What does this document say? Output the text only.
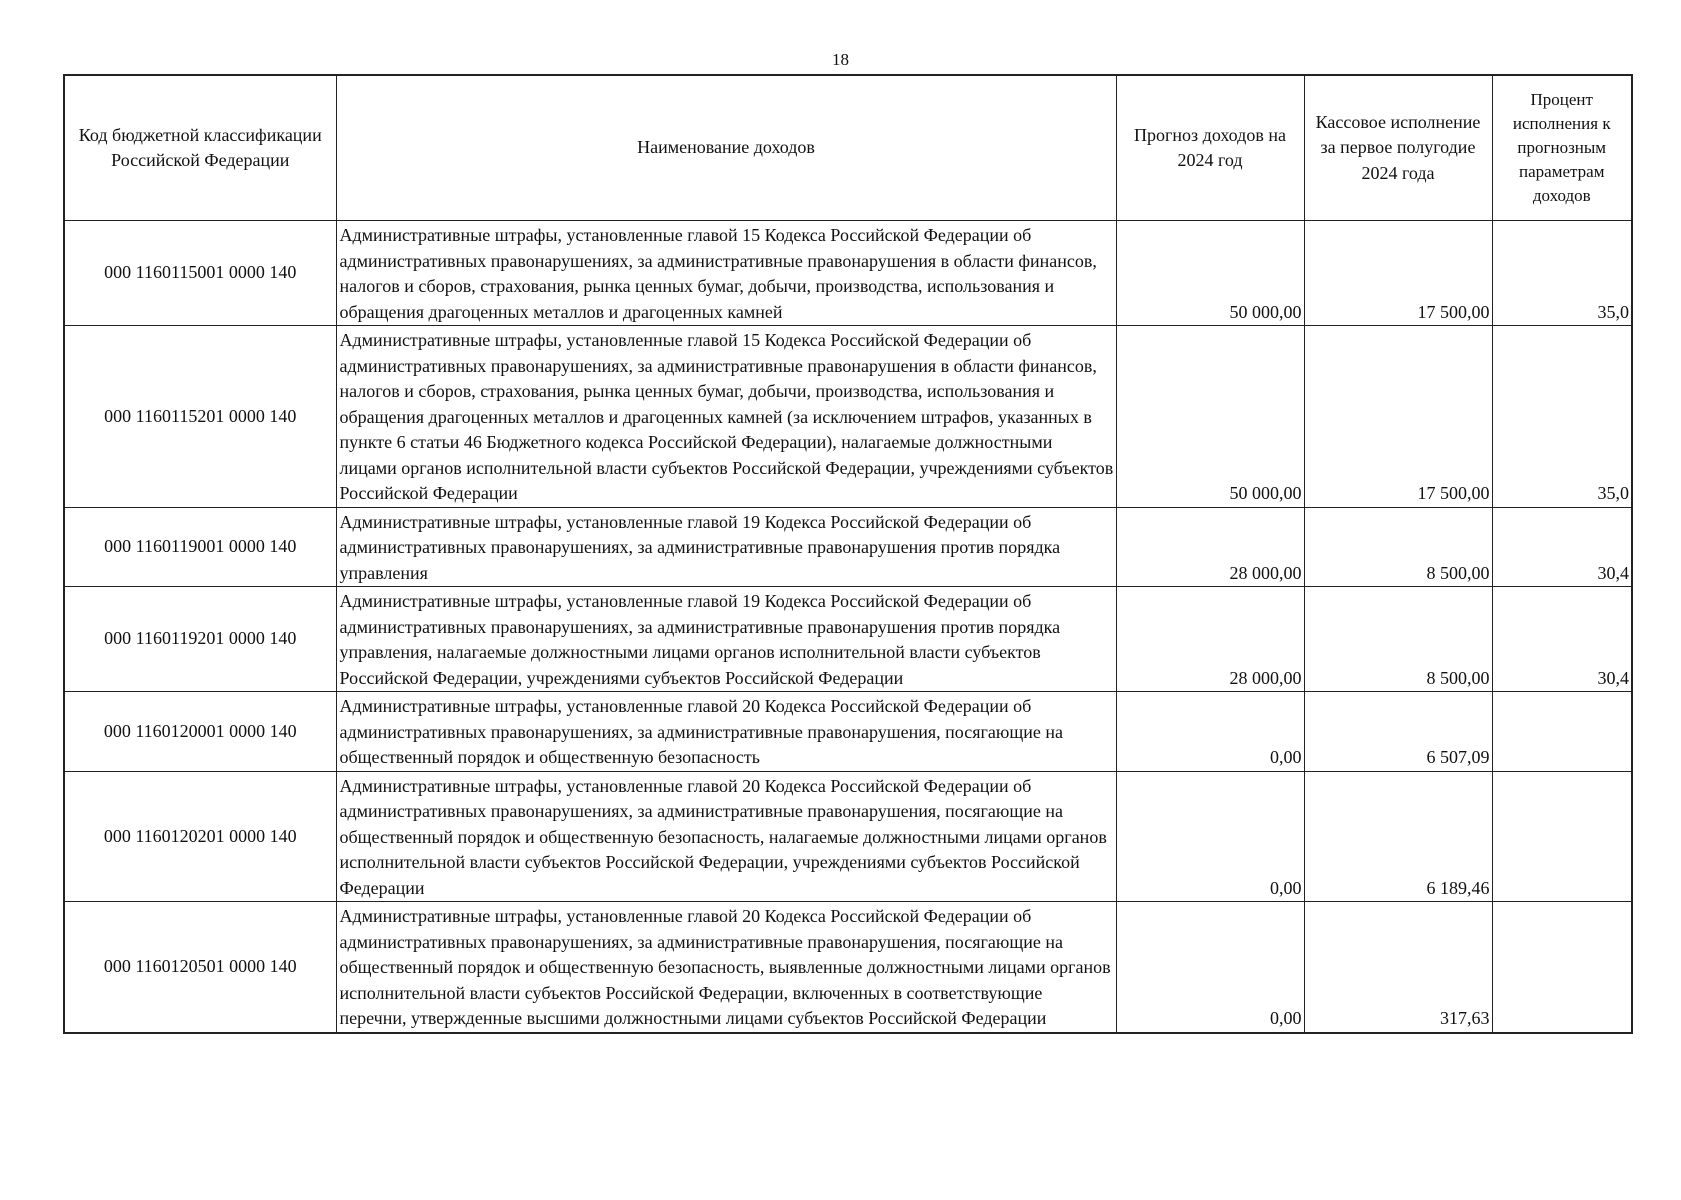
18
Код бюджетной классификации Российской Федерации	Наименование доходов	Прогноз доходов на 2024 год	Кассовое исполнение за первое полугодие 2024 года	Процент исполнения к прогнозным параметрам доходов
000 1160115001 0000 140	Административные штрафы, установленные главой 15 Кодекса Российской Федерации об административных правонарушениях, за административные правонарушения в области финансов, налогов и сборов, страхования, рынка ценных бумаг, добычи, производства, использования и обращения драгоценных металлов и драгоценных камней	50 000,00	17 500,00	35,0
000 1160115201 0000 140	Административные штрафы, установленные главой 15 Кодекса Российской Федерации об административных правонарушениях, за административные правонарушения в области финансов, налогов и сборов, страхования, рынка ценных бумаг, добычи, производства, использования и обращения драгоценных металлов и драгоценных камней (за исключением штрафов, указанных в пункте 6 статьи 46 Бюджетного кодекса Российской Федерации), налагаемые должностными лицами органов исполнительной власти субъектов Российской Федерации, учреждениями субъектов Российской Федерации	50 000,00	17 500,00	35,0
000 1160119001 0000 140	Административные штрафы, установленные главой 19 Кодекса Российской Федерации об административных правонарушениях, за административные правонарушения против порядка управления	28 000,00	8 500,00	30,4
000 1160119201 0000 140	Административные штрафы, установленные главой 19 Кодекса Российской Федерации об административных правонарушениях, за административные правонарушения против порядка управления, налагаемые должностными лицами органов исполнительной власти субъектов Российской Федерации, учреждениями субъектов Российской Федерации	28 000,00	8 500,00	30,4
000 1160120001 0000 140	Административные штрафы, установленные главой 20 Кодекса Российской Федерации об административных правонарушениях, за административные правонарушения, посягающие на общественный порядок и общественную безопасность	0,00	6 507,09	
000 1160120201 0000 140	Административные штрафы, установленные главой 20 Кодекса Российской Федерации об административных правонарушениях, за административные правонарушения, посягающие на общественный порядок и общественную безопасность, налагаемые должностными лицами органов исполнительной власти субъектов Российской Федерации, учреждениями субъектов Российской Федерации	0,00	6 189,46	
000 1160120501 0000 140	Административные штрафы, установленные главой 20 Кодекса Российской Федерации об административных правонарушениях, за административные правонарушения, посягающие на общественный порядок и общественную безопасность, выявленные должностными лицами органов исполнительной власти субъектов Российской Федерации, включенных в соответствующие перечни, утвержденные высшими должностными лицами субъектов Российской Федерации	0,00	317,63	
